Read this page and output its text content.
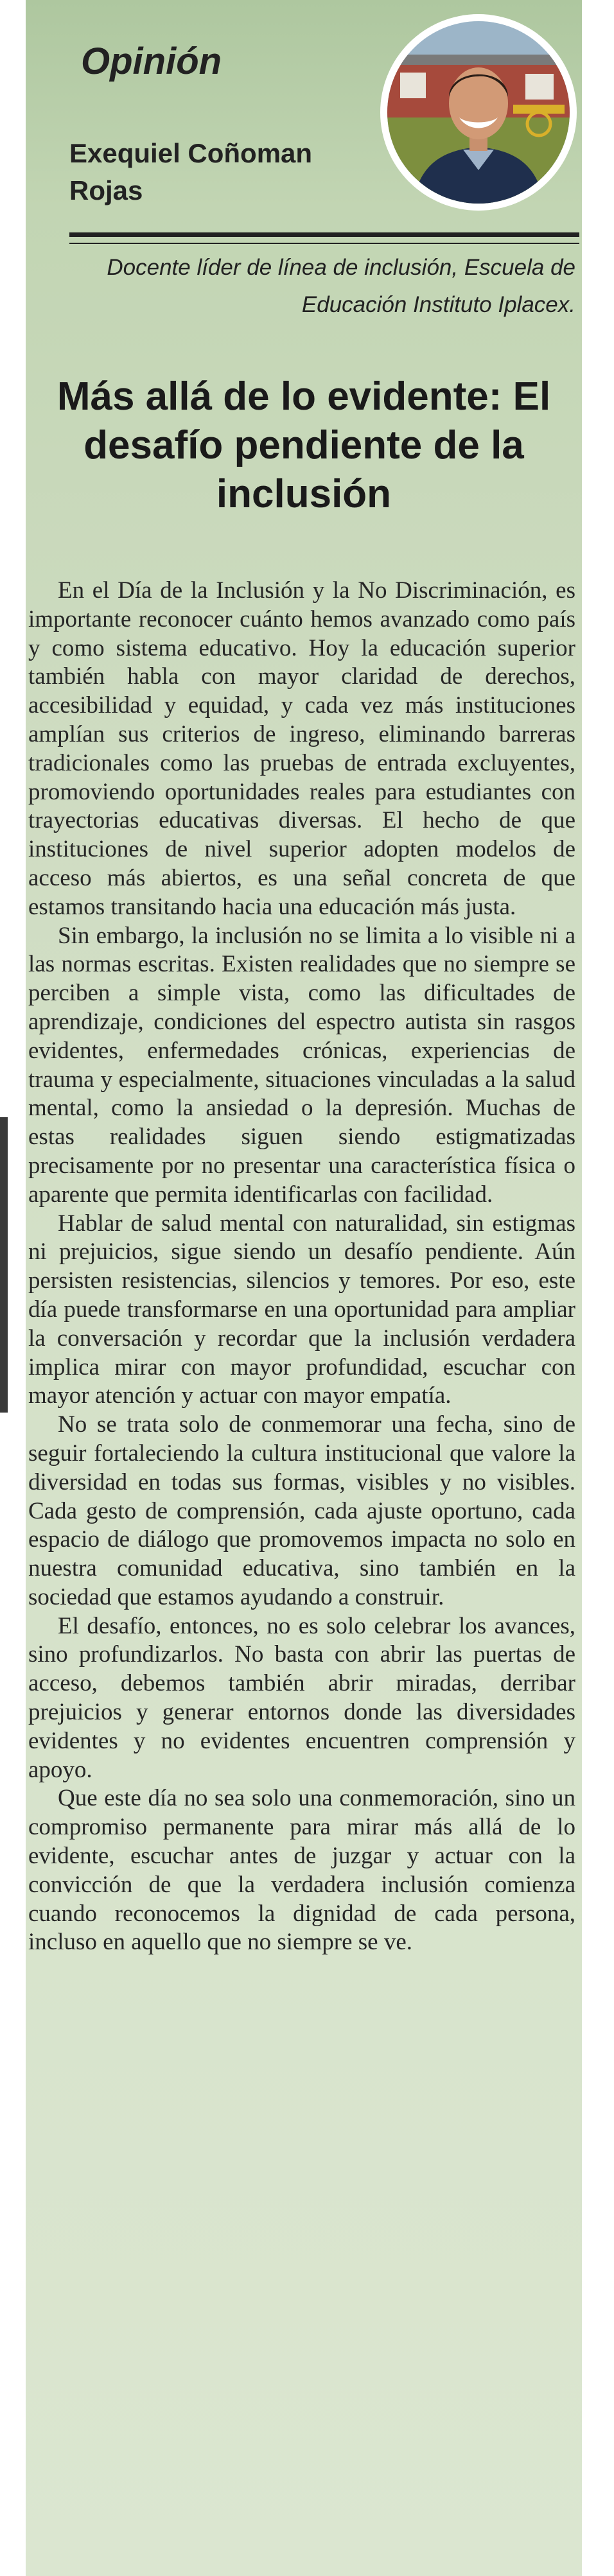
Opinión

Exequiel Coñoman Rojas

Docente líder de línea de inclusión, Escuela de Educación Instituto Iplacex.

Más allá de lo evidente: El desafío pendiente de la inclusión

En el Día de la Inclusión y la No Discriminación, es importante reconocer cuánto hemos avanzado como país y como sistema educativo. Hoy la educación superior también habla con mayor claridad de derechos, accesibilidad y equidad, y cada vez más instituciones amplían sus criterios de ingreso, eliminando barreras tradicionales como las pruebas de entrada excluyentes, promoviendo oportunidades reales para estudiantes con trayectorias educativas diversas. El hecho de que instituciones de nivel superior adopten modelos de acceso más abiertos, es una señal concreta de que estamos transitando hacia una educación más justa.

Sin embargo, la inclusión no se limita a lo visible ni a las normas escritas. Existen realidades que no siempre se perciben a simple vista, como las dificultades de aprendizaje, condiciones del espectro autista sin rasgos evidentes, enfermedades crónicas, experiencias de trauma y especialmente, situaciones vinculadas a la salud mental, como la ansiedad o la depresión. Muchas de estas realidades siguen siendo estigmatizadas precisamente por no presentar una característica física o aparente que permita identificarlas con facilidad.

Hablar de salud mental con naturalidad, sin estigmas ni prejuicios, sigue siendo un desafío pendiente. Aún persisten resistencias, silencios y temores. Por eso, este día puede transformarse en una oportunidad para ampliar la conversación y recordar que la inclusión verdadera implica mirar con mayor profundidad, escuchar con mayor atención y actuar con mayor empatía.

No se trata solo de conmemorar una fecha, sino de seguir fortaleciendo la cultura institucional que valore la diversidad en todas sus formas, visibles y no visibles. Cada gesto de comprensión, cada ajuste oportuno, cada espacio de diálogo que promovemos impacta no solo en nuestra comunidad educativa, sino también en la sociedad que estamos ayudando a construir.

El desafío, entonces, no es solo celebrar los avances, sino profundizarlos. No basta con abrir las puertas de acceso, debemos también abrir miradas, derribar prejuicios y generar entornos donde las diversidades evidentes y no evidentes encuentren comprensión y apoyo.

Que este día no sea solo una conmemoración, sino un compromiso permanente para mirar más allá de lo evidente, escuchar antes de juzgar y actuar con la convicción de que la verdadera inclusión comienza cuando reconocemos la dignidad de cada persona, incluso en aquello que no siempre se ve.
